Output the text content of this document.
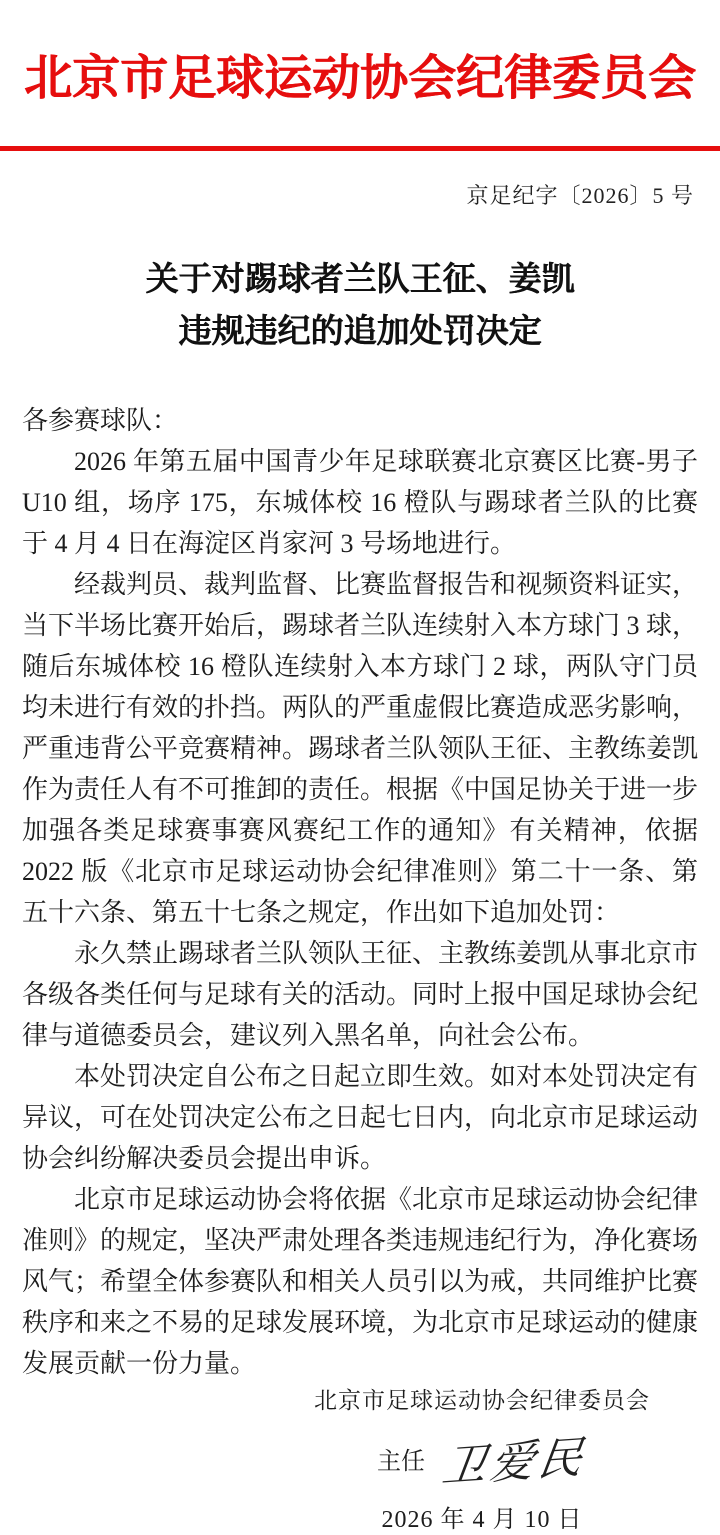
北京市足球运动协会纪律委员会
京足纪字〔2026〕5 号
关于对踢球者兰队王征、姜凯
违规违纪的追加处罚决定

各参赛球队：

2026 年第五届中国青少年足球联赛北京赛区比赛-男子 U10 组，场序 175，东城体校 16 橙队与踢球者兰队的比赛于 4 月 4 日在海淀区肖家河 3 号场地进行。

经裁判员、裁判监督、比赛监督报告和视频资料证实，当下半场比赛开始后，踢球者兰队连续射入本方球门 3 球，随后东城体校 16 橙队连续射入本方球门 2 球，两队守门员均未进行有效的扑挡。两队的严重虚假比赛造成恶劣影响，严重违背公平竞赛精神。踢球者兰队领队王征、主教练姜凯作为责任人有不可推卸的责任。根据《中国足协关于进一步加强各类足球赛事赛风赛纪工作的通知》有关精神，依据 2022 版《北京市足球运动协会纪律准则》第二十一条、第五十六条、第五十七条之规定，作出如下追加处罚：

永久禁止踢球者兰队领队王征、主教练姜凯从事北京市各级各类任何与足球有关的活动。同时上报中国足球协会纪律与道德委员会，建议列入黑名单，向社会公布。

本处罚决定自公布之日起立即生效。如对本处罚决定有异议，可在处罚决定公布之日起七日内，向北京市足球运动协会纠纷解决委员会提出申诉。

北京市足球运动协会将依据《北京市足球运动协会纪律准则》的规定，坚决严肃处理各类违规违纪行为，净化赛场风气；希望全体参赛队和相关人员引以为戒，共同维护比赛秩序和来之不易的足球发展环境，为北京市足球运动的健康发展贡献一份力量。

北京市足球运动协会纪律委员会
主任 卫爱民
2026 年 4 月 10 日
